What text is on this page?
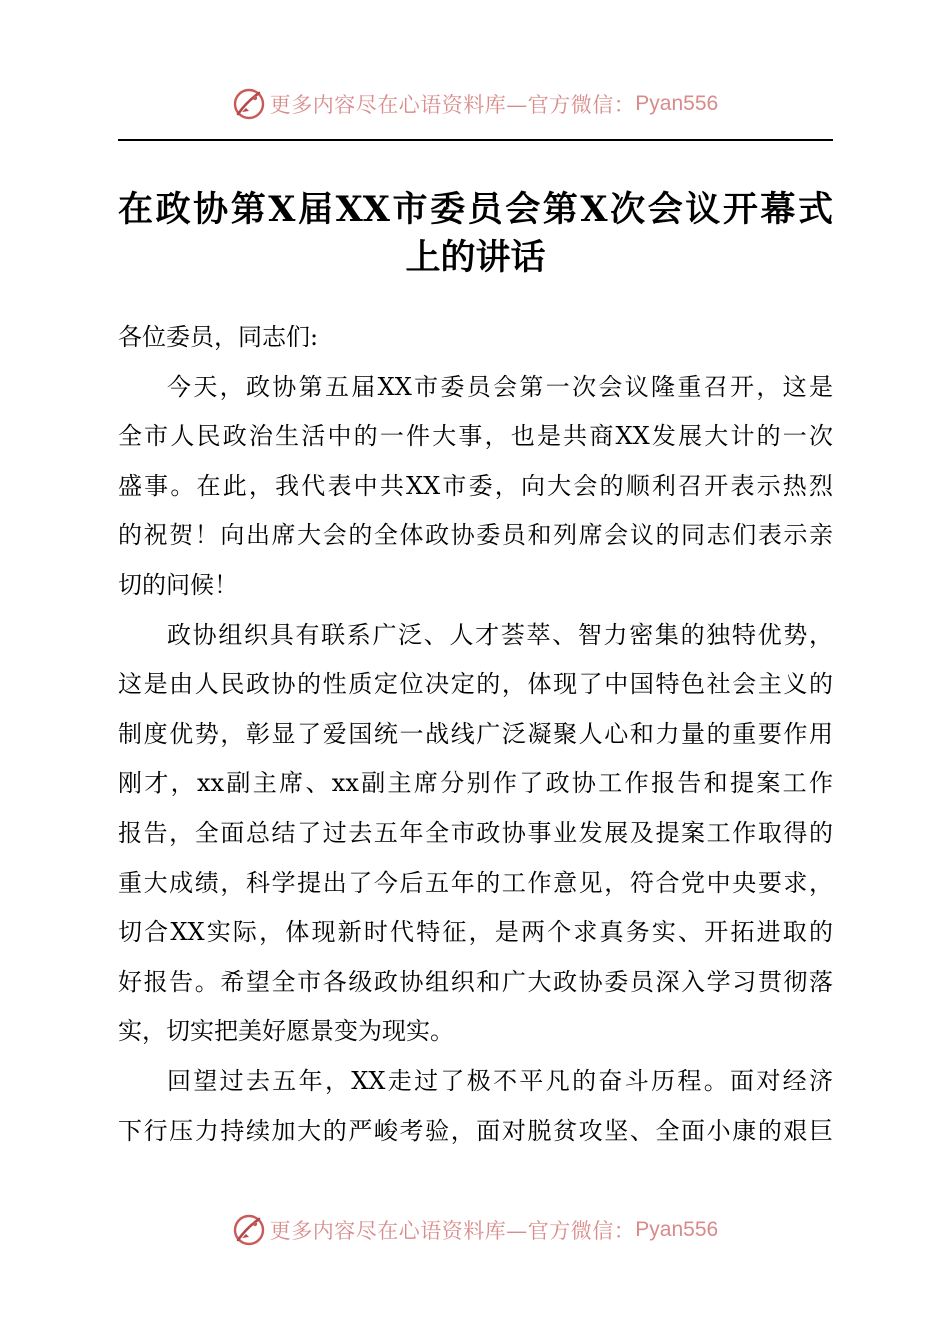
更多内容尽在心语资料库—官方微信： Pyan556
在政协第X届XX市委员会第X次会议开幕式
上的讲话
各位委员，同志们:
今天，政协第五届XX市委员会第一次会议隆重召开，这是
全市人民政治生活中的一件大事，也是共商XX发展大计的一次
盛事。在此，我代表中共XX市委，向大会的顺利召开表示热烈
的祝贺！向出席大会的全体政协委员和列席会议的同志们表示亲
切的问候！
政协组织具有联系广泛、人才荟萃、智力密集的独特优势，
这是由人民政协的性质定位决定的，体现了中国特色社会主义的
制度优势，彰显了爱国统一战线广泛凝聚人心和力量的重要作用
刚才，xx副主席、xx副主席分别作了政协工作报告和提案工作
报告，全面总结了过去五年全市政协事业发展及提案工作取得的
重大成绩，科学提出了今后五年的工作意见，符合党中央要求，
切合XX实际，体现新时代特征，是两个求真务实、开拓进取的
好报告。希望全市各级政协组织和广大政协委员深入学习贯彻落
实，切实把美好愿景变为现实。
回望过去五年，XX走过了极不平凡的奋斗历程。面对经济
下行压力持续加大的严峻考验，面对脱贫攻坚、全面小康的艰巨
更多内容尽在心语资料库—官方微信： Pyan556
